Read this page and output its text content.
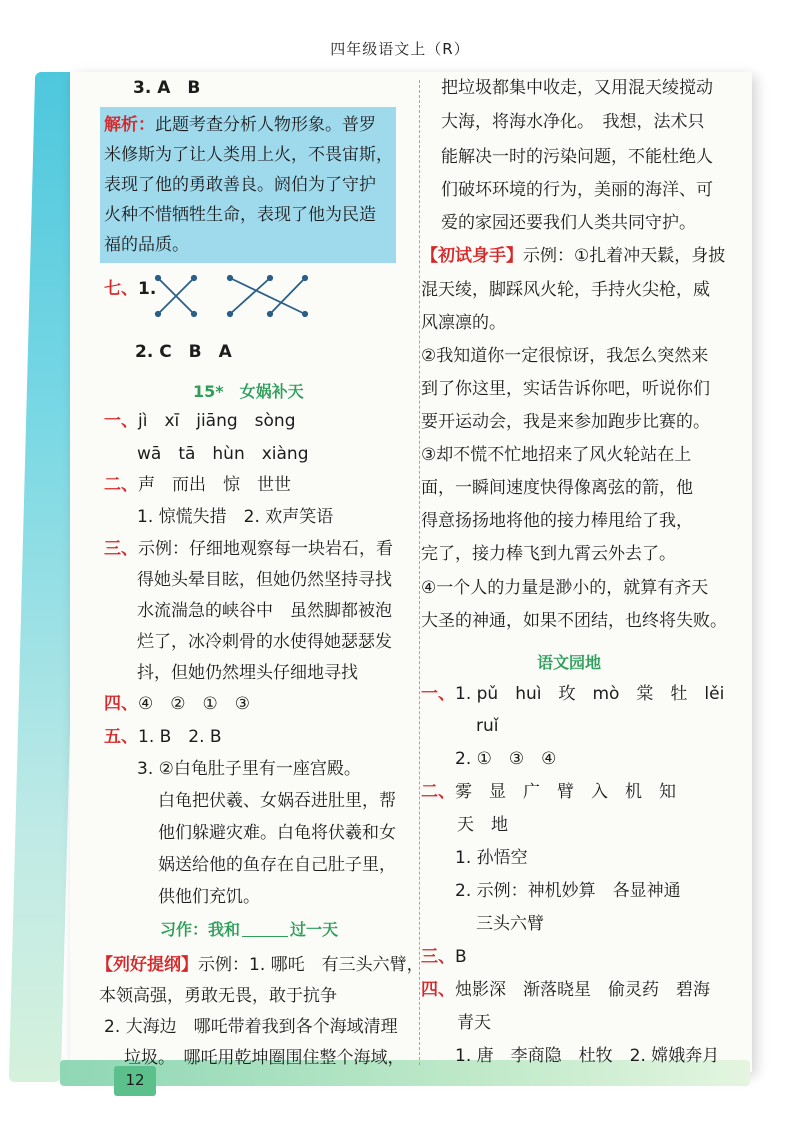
四年级语文上（R）
12
3. A　B
解析：此题考查分析人物形象。普罗
米修斯为了让人类用上火，不畏宙斯，
表现了他的勇敢善良。阏伯为了守护
火种不惜牺牲生命，表现了他为民造
福的品质。
七、1.
2. C　B　A
15*　女娲补天
一、jì　xī　jiāng　sòng
wā　tā　hùn　xiàng
二、声　而出　惊　世世
1. 惊慌失措　2. 欢声笑语
三、示例：仔细地观察每一块岩石，看
得她头晕目眩，但她仍然坚持寻找
水流湍急的峡谷中　虽然脚都被泡
烂了，冰冷刺骨的水使得她瑟瑟发
抖，但她仍然埋头仔细地寻找
四、④　②　①　③
五、1. B　2. B
3. ②白龟肚子里有一座宫殿。
白龟把伏羲、女娲吞进肚里，帮
他们躲避灾难。白龟将伏羲和女
娲送给他的鱼存在自己肚子里，
供他们充饥。
习作：我和	过一天
【列好提纲】示例：1. 哪吒　有三头六臂，
本领高强，勇敢无畏，敢于抗争
2. 大海边　哪吒带着我到各个海域清理
垃圾。　哪吒用乾坤圈围住整个海域，
把垃圾都集中收走，又用混天绫搅动
大海，将海水净化。　我想，法术只
能解决一时的污染问题，不能杜绝人
们破坏环境的行为，美丽的海洋、可
爱的家园还要我们人类共同守护。
【初试身手】示例：①扎着冲天鬏，身披
混天绫，脚踩风火轮，手持火尖枪，威
风凛凛的。
②我知道你一定很惊讶，我怎么突然来
到了你这里，实话告诉你吧，听说你们
要开运动会，我是来参加跑步比赛的。
③却不慌不忙地招来了风火轮站在上
面，一瞬间速度快得像离弦的箭，他
得意扬扬地将他的接力棒甩给了我，
完了，接力棒飞到九霄云外去了。
④一个人的力量是渺小的，就算有齐天
大圣的神通，如果不团结，也终将失败。
语文园地
一、1. pǔ　huì　玫　mò　棠　牡　lěi
ruǐ
2. ①　③　④
二、雾　显　广　臂　入　机　知
天　地
1. 孙悟空
2. 示例：神机妙算　各显神通
三头六臂
三、B
四、烛影深　渐落晓星　偷灵药　碧海
青天
1. 唐　李商隐　杜牧　2. 嫦娥奔月
